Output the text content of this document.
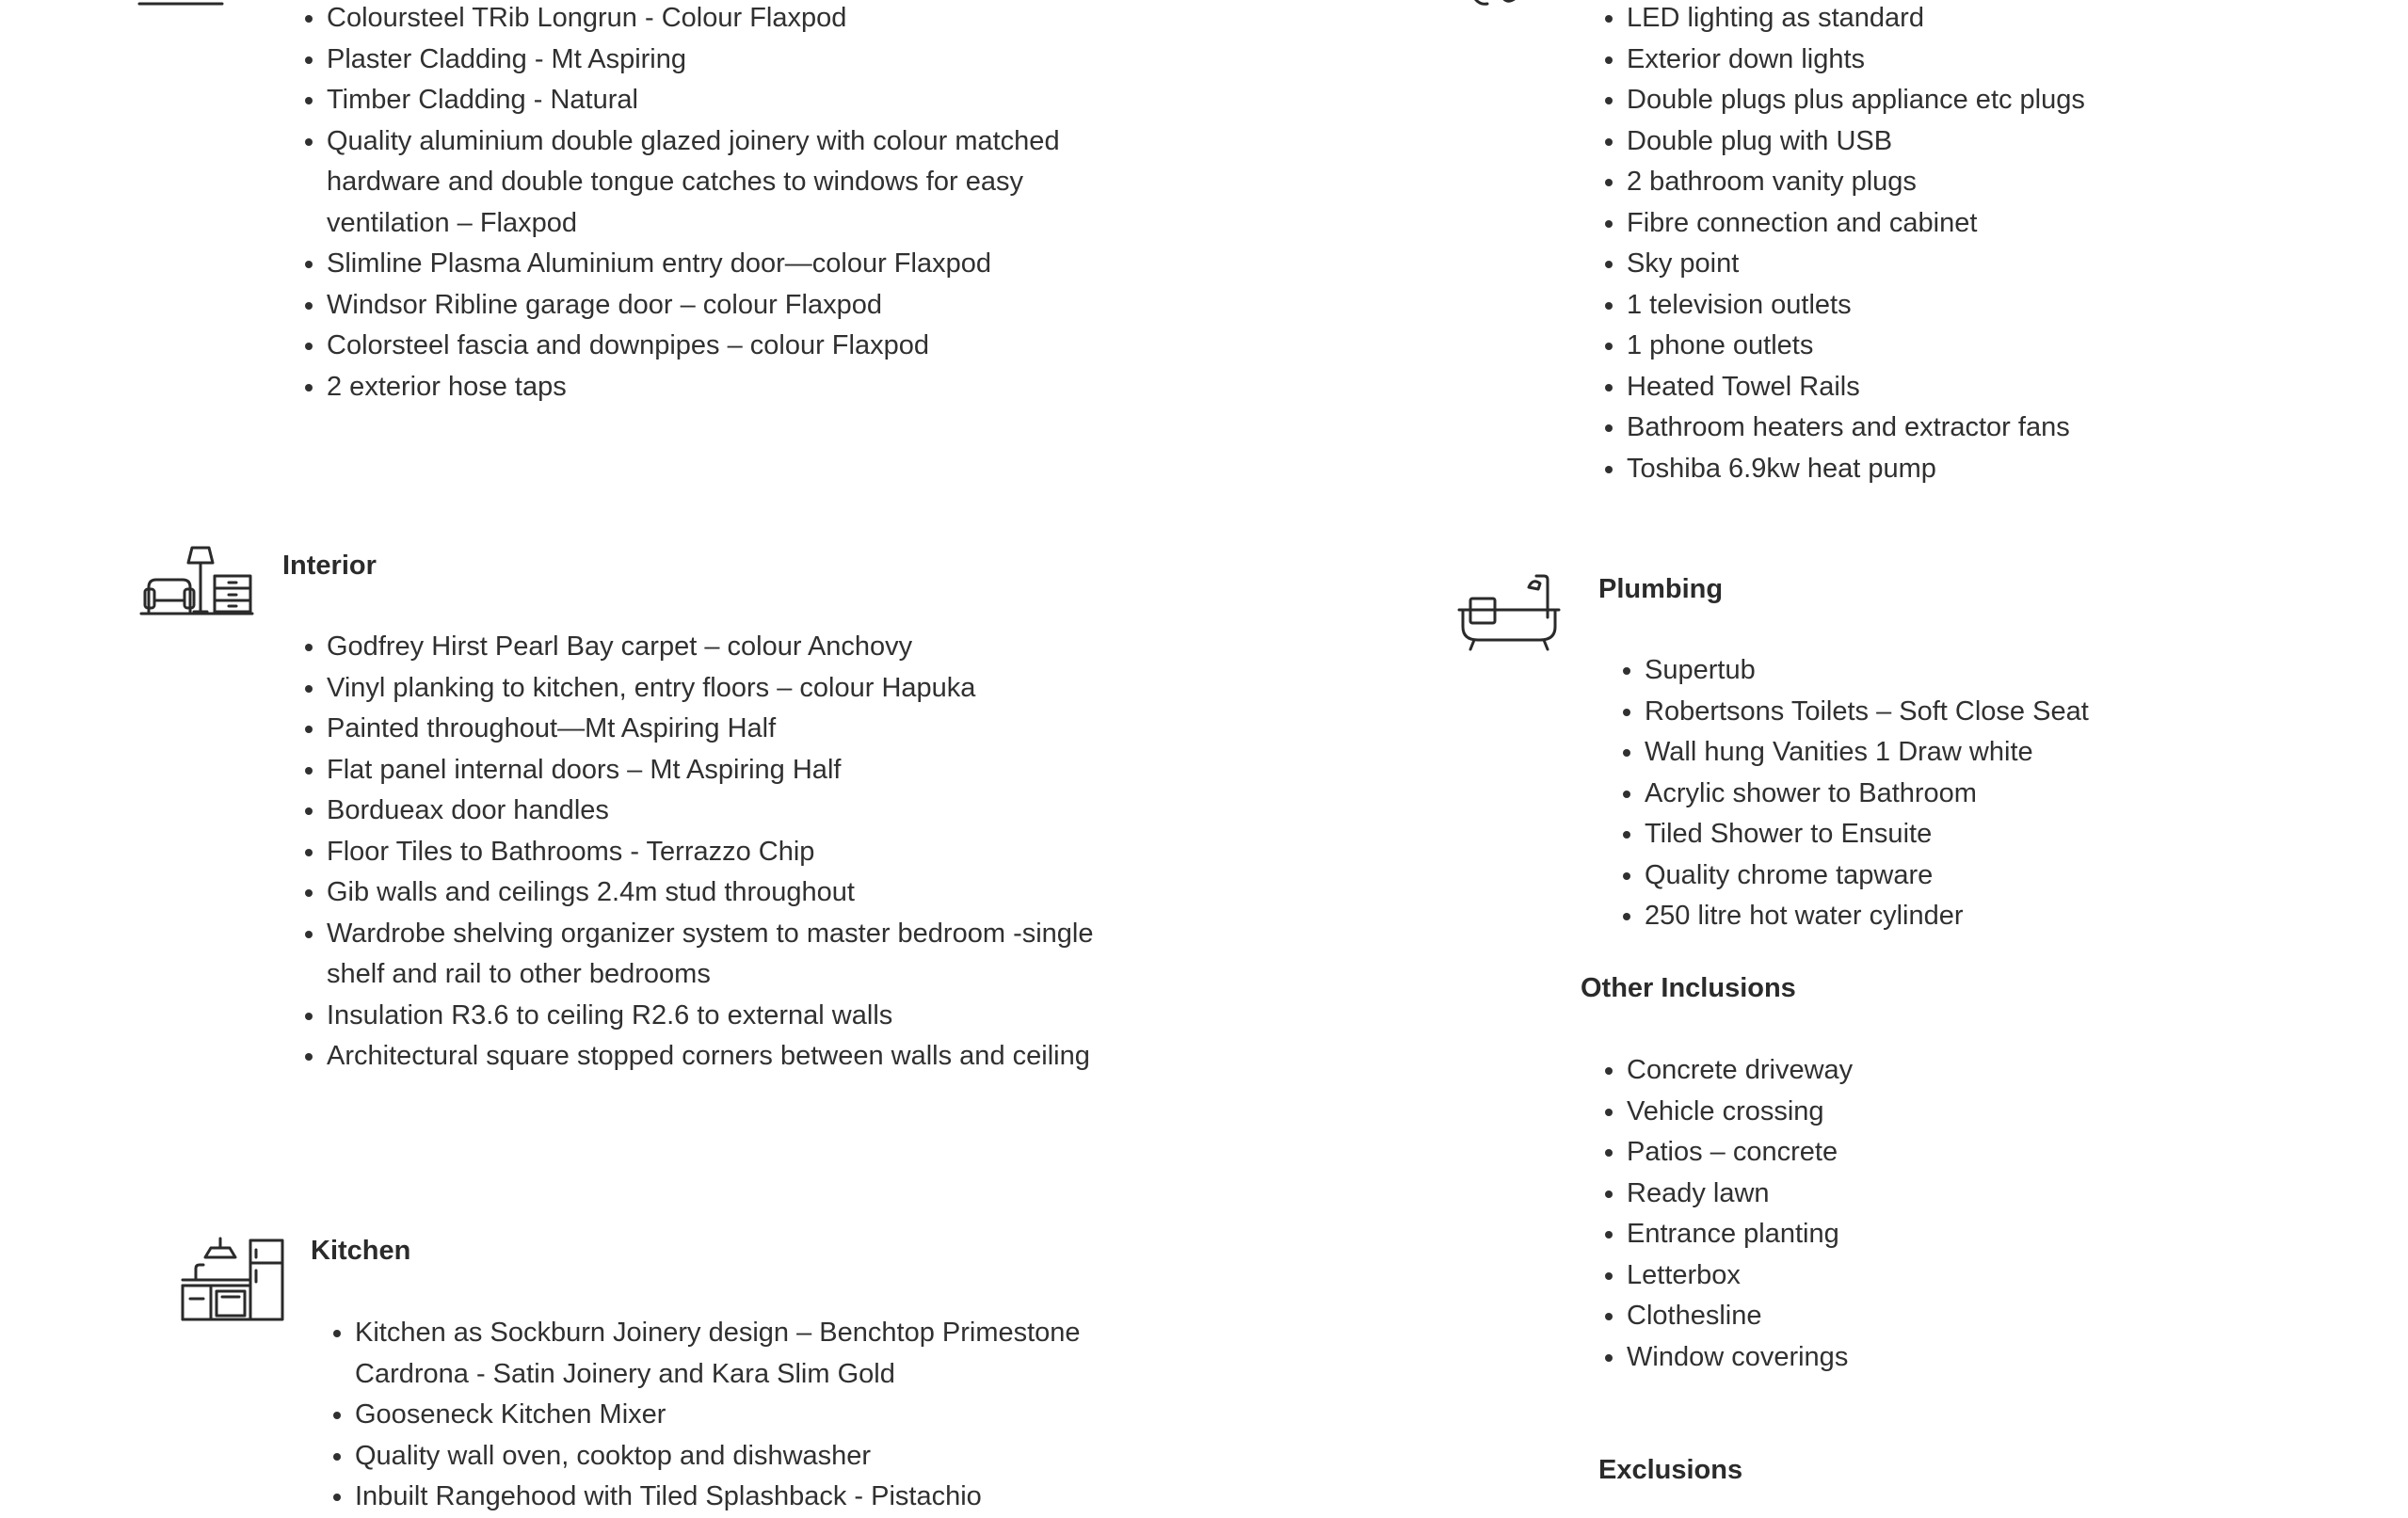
• Coloursteel TRib Longrun - Colour Flaxpod
• Plaster Cladding - Mt Aspiring
• Timber Cladding - Natural
• Quality aluminium double glazed joinery with colour matched hardware and double tongue catches to windows for easy ventilation – Flaxpod
• Slimline Plasma Aluminium entry door—colour Flaxpod
• Windsor Ribline garage door – colour Flaxpod
• Colorsteel fascia and downpipes – colour Flaxpod
• 2 exterior hose taps
• LED lighting as standard
• Exterior down lights
• Double plugs plus appliance etc plugs
• Double plug with USB
• 2 bathroom vanity plugs
• Fibre connection and cabinet
• Sky point
• 1 television outlets
• 1 phone outlets
• Heated Towel Rails
• Bathroom heaters and extractor fans
• Toshiba 6.9kw heat pump
Interior
• Godfrey Hirst Pearl Bay carpet – colour Anchovy
• Vinyl planking to kitchen, entry floors – colour Hapuka
• Painted throughout—Mt Aspiring Half
• Flat panel internal doors – Mt Aspiring Half
• Bordueax door handles
• Floor Tiles to Bathrooms - Terrazzo Chip
• Gib walls and ceilings 2.4m stud throughout
• Wardrobe shelving organizer system to master bedroom -single shelf and rail to other bedrooms
• Insulation R3.6 to ceiling R2.6 to external walls
• Architectural square stopped corners between walls and ceiling
Kitchen
• Kitchen as Sockburn Joinery design – Benchtop Primestone Cardrona - Satin Joinery and Kara Slim Gold
• Gooseneck Kitchen Mixer
• Quality wall oven, cooktop and dishwasher
• Inbuilt Rangehood with Tiled Splashback - Pistachio
Plumbing
• Supertub
• Robertsons Toilets – Soft Close Seat
• Wall hung Vanities 1 Draw white
• Acrylic shower to Bathroom
• Tiled Shower to Ensuite
• Quality chrome tapware
• 250 litre hot water cylinder
Other Inclusions
• Concrete driveway
• Vehicle crossing
• Patios – concrete
• Ready lawn
• Entrance planting
• Letterbox
• Clothesline
• Window coverings
Exclusions
